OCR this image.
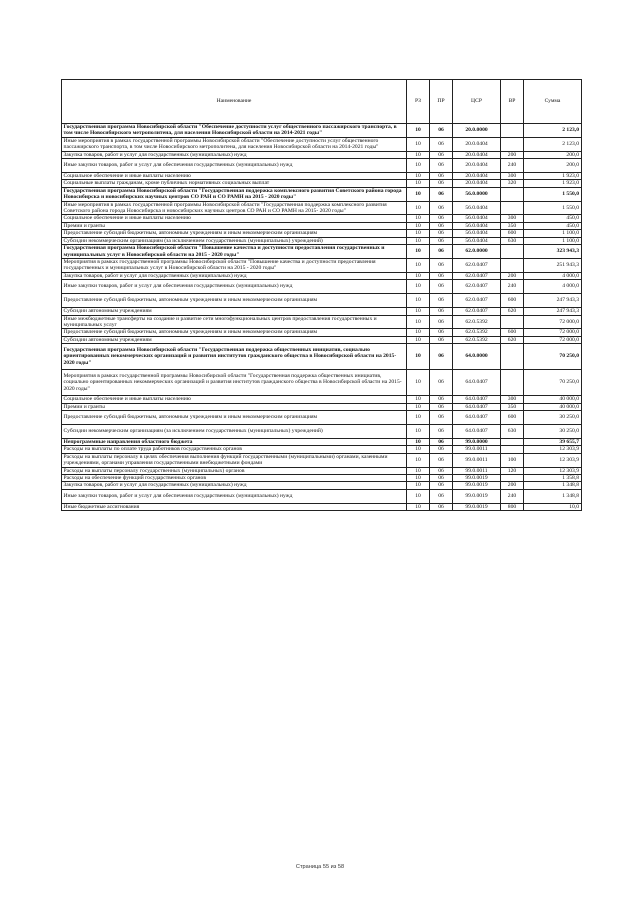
Наименование	РЗ	ПР	ЦСР	ВР	Сумма
Государственная программа Новосибирской области "Обеспечение доступности услуг общественного пассажирского транспорта, в том числе Новосибирского метрополитена, для населения Новосибирской области на 2014-2021 годы"	10	06	20.0.0000		2 123,0
Иные мероприятия в рамках государственной программы Новосибирской области "Обеспечение доступности услуг общественного пассажирского транспорта, в том числе Новосибирского метрополитена, для населения Новосибирской области на 2014-2021 годы"	10	06	20.0.0404		2 123,0
Закупка товаров, работ и услуг для государственных (муниципальных) нужд	10	06	20.0.0404	200	200,0
Иные закупки товаров, работ и услуг для обеспечения государственных (муниципальных) нужд	10	06	20.0.0404	240	200,0
Социальное обеспечение и иные выплаты населению	10	06	20.0.0404	300	1 923,0
Социальные выплаты гражданам, кроме публичных нормативных социальных выплат	10	06	20.0.0404	320	1 923,0
Государственная программа Новосибирской области "Государственная поддержка комплексного развития Советского района города Новосибирска и новосибирских научных центров СО РАН и СО РАМН на 2015 - 2020 годы"	10	06	56.0.0000		1 550,0
Иные мероприятия в рамках государственной программы Новосибирской области "Государственная поддержка комплексного развития Советского района города Новосибирска и новосибирских научных центров СО РАН и СО РАМН на 2015- 2020 годы"	10	06	56.0.0404		1 550,0
Социальное обеспечение и иные выплаты населению	10	06	56.0.0404	300	450,0
Премии и гранты	10	06	56.0.0404	350	450,0
Предоставление субсидий бюджетным, автономным учреждениям и иным некоммерческим организациям	10	06	56.0.0404	600	1 100,0
Субсидии некоммерческим организациям (за исключением государственных (муниципальных) учреждений)	10	06	56.0.0404	630	1 100,0
Государственная программа Новосибирской области "Повышение качества и доступности предоставления государственных и муниципальных услуг в Новосибирской области на 2015 - 2020 годы"	10	06	62.0.0000		323 943,3
Мероприятия в рамках государственной программы Новосибирской области "Повышение качества и доступности предоставления государственных и муниципальных услуг в Новосибирской области на 2015 - 2020 годы"	10	06	62.0.0407		251 943,3
Закупка товаров, работ и услуг для государственных (муниципальных) нужд	10	06	62.0.0407	200	4 000,0
Иные закупки товаров, работ и услуг для обеспечения государственных (муниципальных) нужд	10	06	62.0.0407	240	4 000,0
Предоставление субсидий бюджетным, автономным учреждениям и иным некоммерческим организациям	10	06	62.0.0407	600	247 943,3
Субсидии автономным учреждениям	10	06	62.0.0407	620	247 943,3
Иные межбюджетные трансферты на создание и развитие сети многофункциональных центров предоставления государственных и муниципальных услуг	10	06	62.0.5392		72 000,0
Предоставление субсидий бюджетным, автономным учреждениям и иным некоммерческим организациям	10	06	62.0.5392	600	72 000,0
Субсидии автономным учреждениям	10	06	62.0.5392	620	72 000,0
Государственная программа Новосибирской области "Государственная поддержка общественных инициатив, социально ориентированных некоммерческих организаций и развития институтов гражданского общества в Новосибирской области на 2015-2020 годы"	10	06	64.0.0000		70 250,0
Мероприятия в рамках государственной программы Новосибирской области "Государственная поддержка общественных инициатив, социально ориентированных некоммерческих организаций и развития институтов гражданского общества в Новосибирской области на 2015-2020 годы"	10	06	64.0.0407		70 250,0
Социальное обеспечение и иные выплаты населению	10	06	64.0.0407	300	40 000,0
Премии и гранты	10	06	64.0.0407	350	40 000,0
Предоставление субсидий бюджетным, автономным учреждениям и иным некоммерческим организациям	10	06	64.0.0407	600	30 250,0
Субсидии некоммерческим организациям (за исключением государственных (муниципальных) учреждений)	10	06	64.0.0407	630	30 250,0
Непрограммные направления областного бюджета	10	06	99.0.0000		39 655,7
Расходы на выплаты по оплате труда работников государственных органов	10	06	99.0.0011		12 303,9
Расходы на выплаты персоналу в целях обеспечения выполнения функций государственными (муниципальными) органами, казенными учреждениями, органами управления государственными внебюджетными фондами	10	06	99.0.0011	100	12 303,9
Расходы на выплаты персоналу государственных (муниципальных) органов	10	06	99.0.0011	120	12 303,9
Расходы на обеспечение функций государственных органов	10	06	99.0.0019		1 358,8
Закупка товаров, работ и услуг для государственных (муниципальных) нужд	10	06	99.0.0019	200	1 348,8
Иные закупки товаров, работ и услуг для обеспечения государственных (муниципальных) нужд	10	06	99.0.0019	240	1 348,8
Иные бюджетные ассигнования	10	06	99.0.0019	800	10,0
Страница 55 из 58
